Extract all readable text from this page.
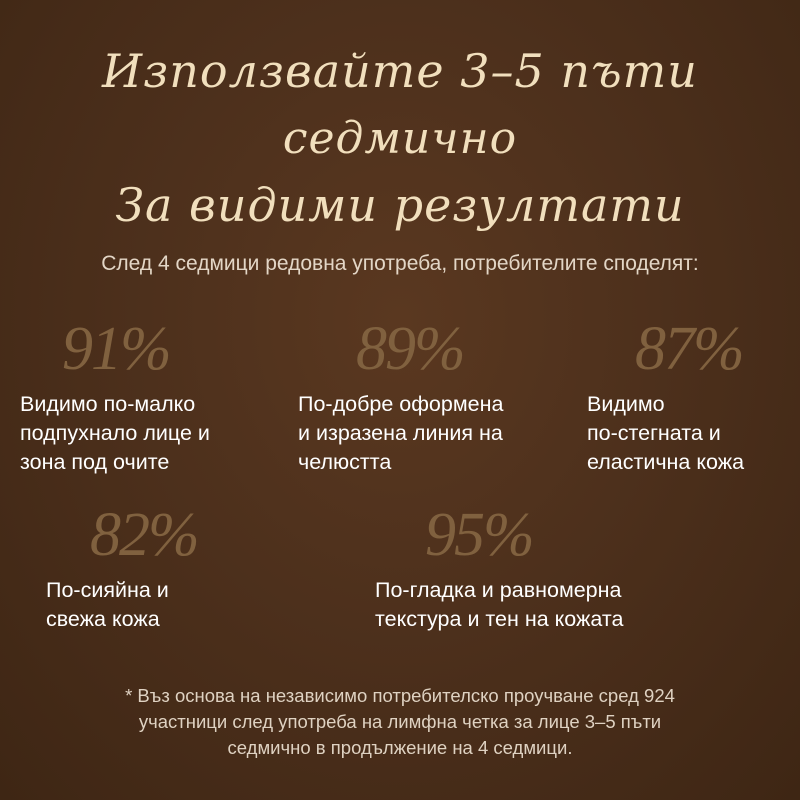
Използвайте 3–5 пъти
седмично
За видими резултати
След 4 седмици редовна употреба, потребителите споделят:
91%
Видимо по-малко
подпухнало лице и
зона под очите
89%
По-добре оформена
и изразена линия на
челюстта
87%
Видимо
по-стегната и
еластична кожа
82%
По-сияйна и
свежа кожа
95%
По-гладка и равномерна
текстура и тен на кожата
* Въз основа на независимо потребителско проучване сред 924
участници след употреба на лимфна четка за лице 3–5 пъти
седмично в продължение на 4 седмици.
